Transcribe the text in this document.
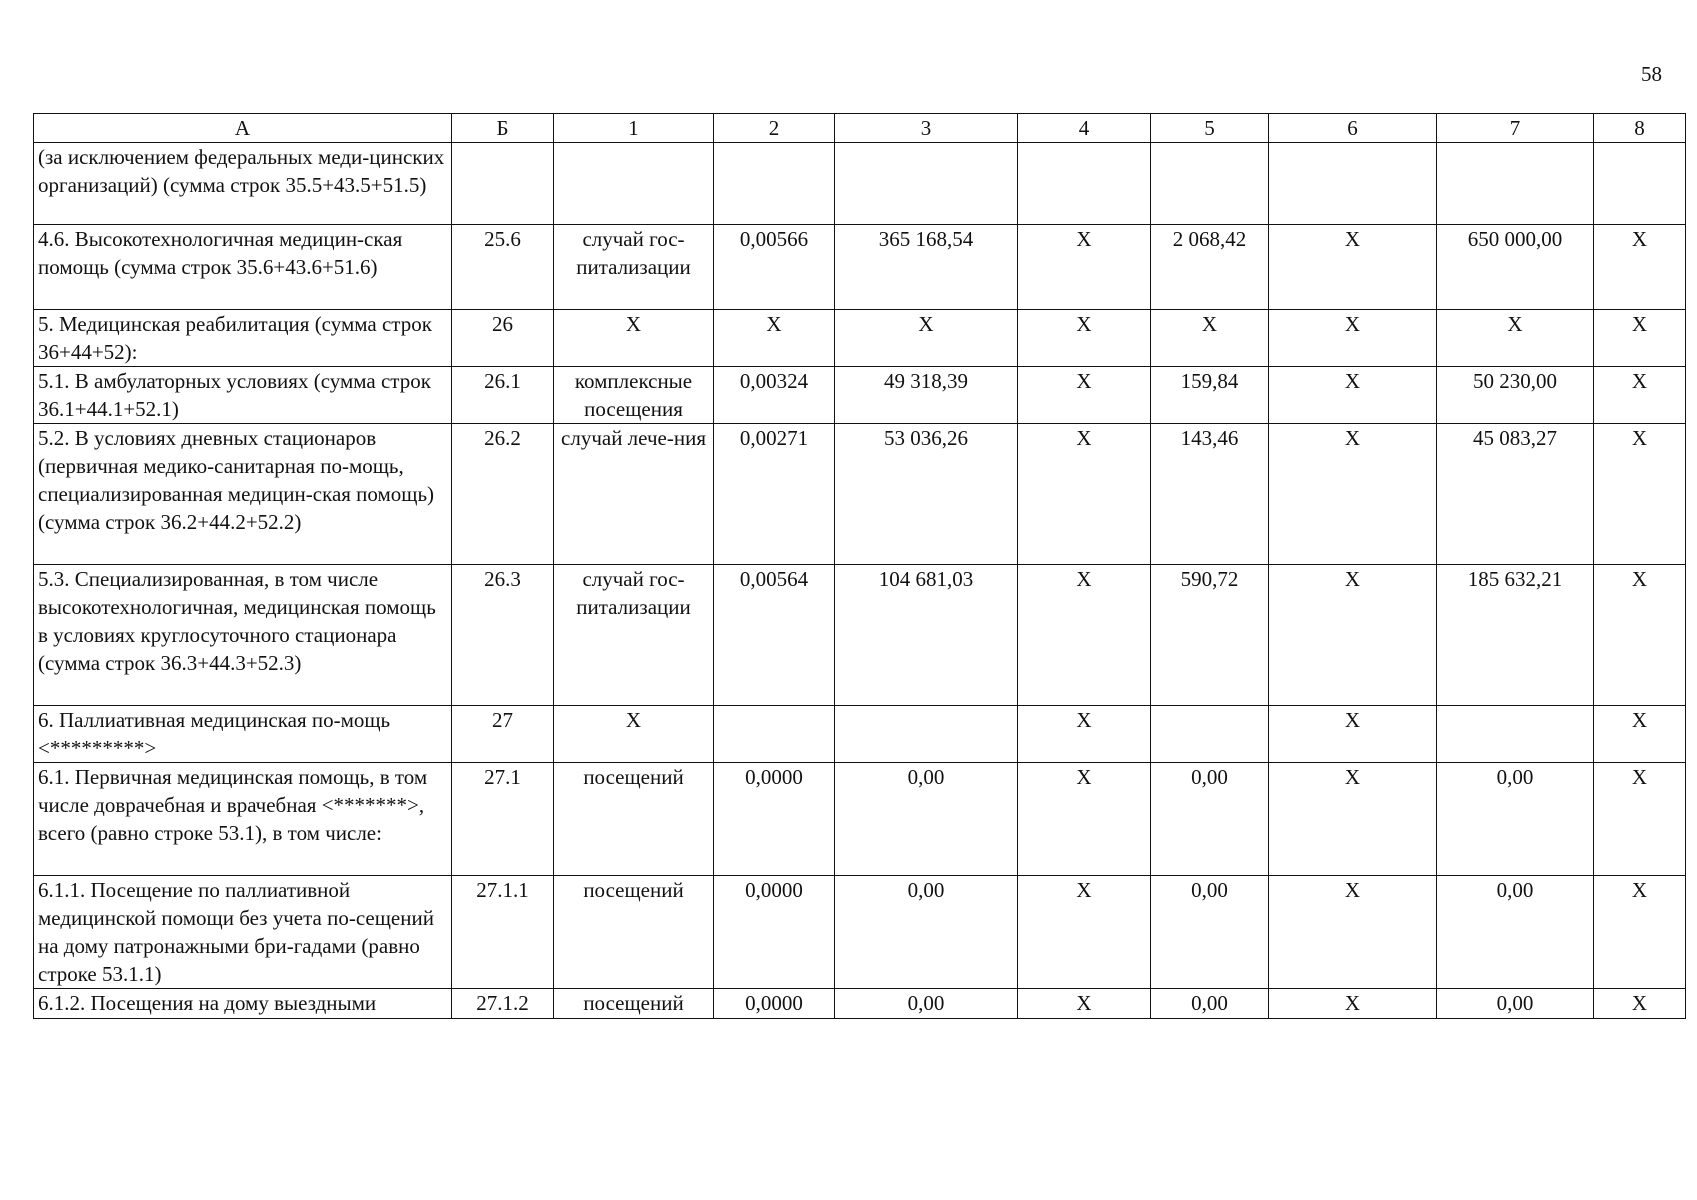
58
А	Б	1	2	3	4	5	6	7	8
(за исключением федеральных меди-цинских организаций) (сумма строк 35.5+43.5+51.5)									
4.6. Высокотехнологичная медицин-ская помощь (сумма строк 35.6+43.6+51.6)	25.6	случай гос-питализации	0,00566	365 168,54	X	2 068,42	X	650 000,00	X
5. Медицинская реабилитация (сумма строк 36+44+52):	26	X	X	X	X	X	X	X	X
5.1. В амбулаторных условиях (сумма строк 36.1+44.1+52.1)	26.1	комплексные посещения	0,00324	49 318,39	X	159,84	X	50 230,00	X
5.2. В условиях дневных стационаров (первичная медико-санитарная по-мощь, специализированная медицин-ская помощь) (сумма строк 36.2+44.2+52.2)	26.2	случай лече-ния	0,00271	53 036,26	X	143,46	X	45 083,27	X
5.3. Специализированная, в том числе высокотехнологичная, медицинская помощь в условиях круглосуточного стационара (сумма строк 36.3+44.3+52.3)	26.3	случай гос-питализации	0,00564	104 681,03	X	590,72	X	185 632,21	X
6. Паллиативная медицинская по-мощь <*********>	27	X			X		X		X
6.1. Первичная медицинская помощь, в том числе доврачебная и врачебная <*******>, всего (равно строке 53.1), в том числе:	27.1	посещений	0,0000	0,00	X	0,00	X	0,00	X
6.1.1. Посещение по паллиативной медицинской помощи без учета по-сещений на дому патронажными бри-гадами (равно строке 53.1.1)	27.1.1	посещений	0,0000	0,00	X	0,00	X	0,00	X
6.1.2. Посещения на дому выездными	27.1.2	посещений	0,0000	0,00	X	0,00	X	0,00	X
